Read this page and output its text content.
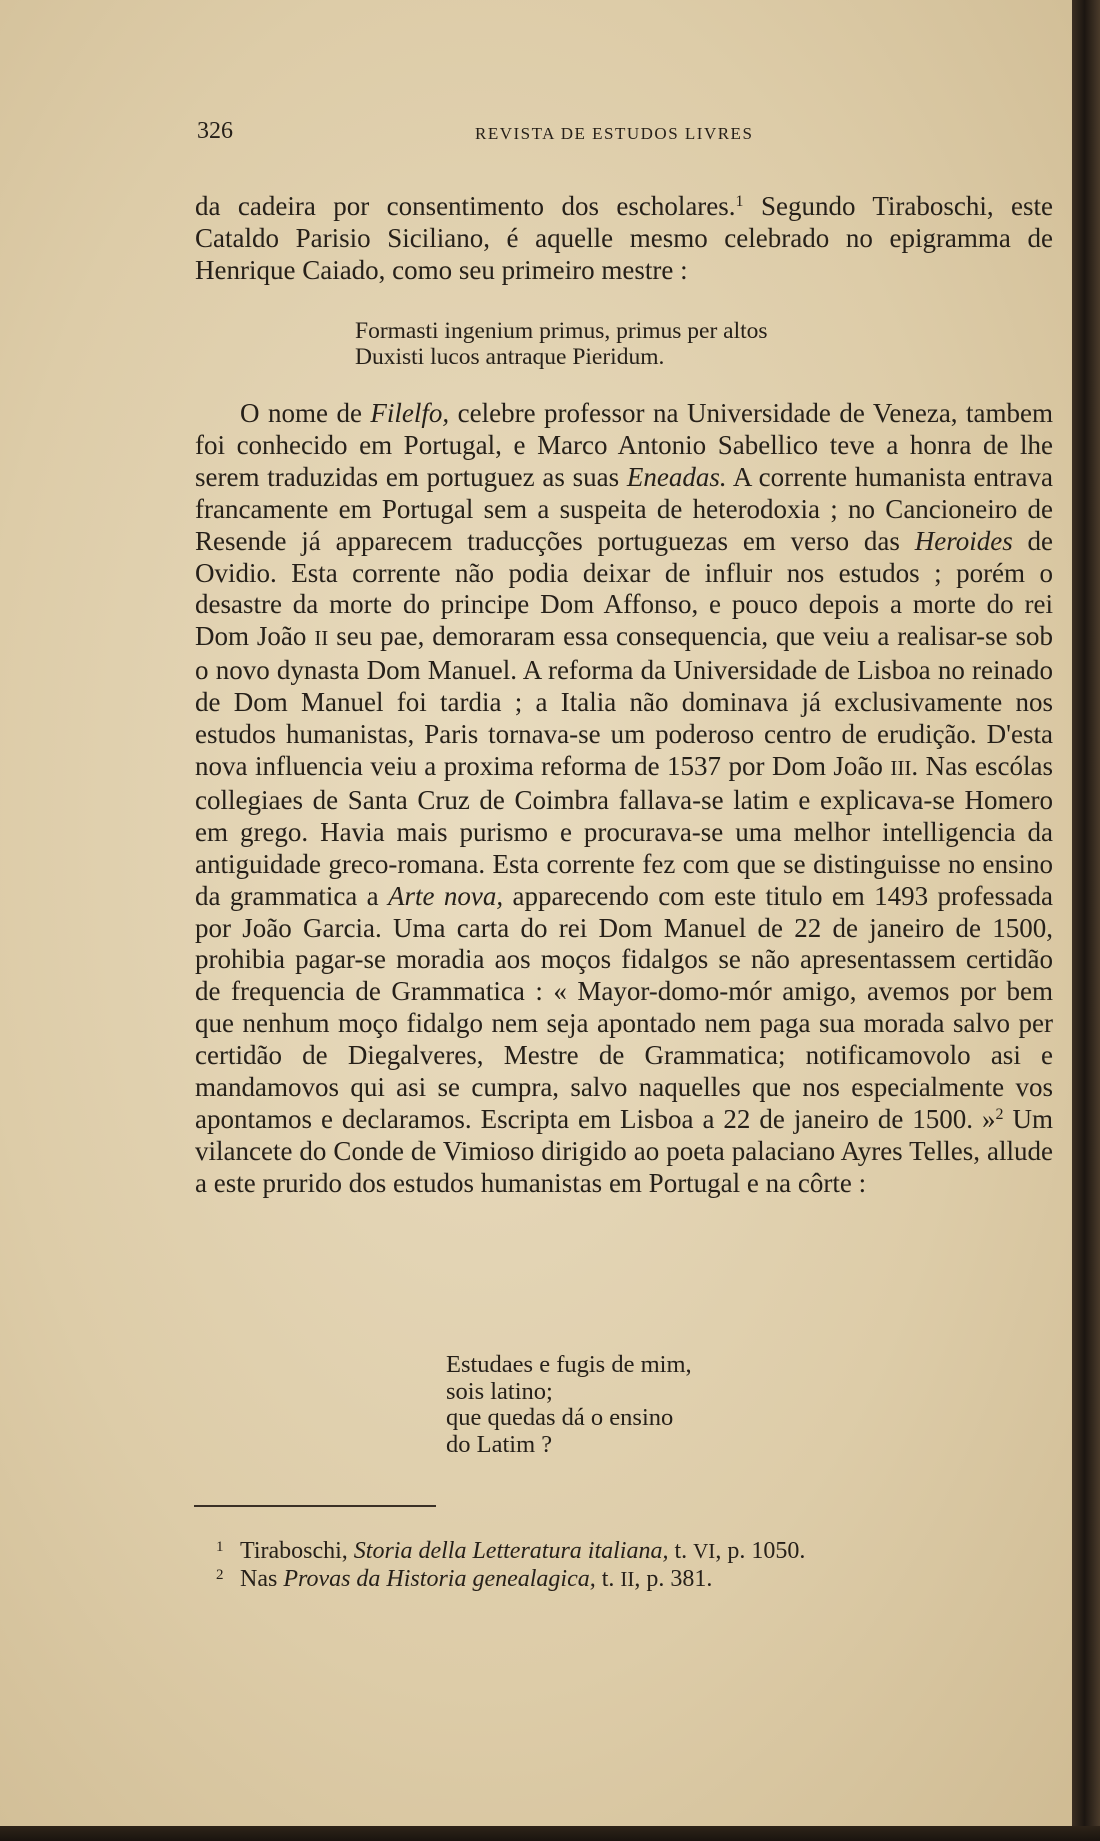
326	REVISTA DE ESTUDOS LIVRES

da cadeira por consentimento dos escholares.$^1$ Segundo Tiraboschi, este Cataldo Parisio Siciliano, é aquelle mesmo celebrado no epigramma de Henrique Caiado, como seu primeiro mestre :

Formasti ingenium primus, primus per altos
Duxisti lucos antraque Pieridum.

O nome de Filelfo, celebre professor na Universidade de Veneza, tambem foi conhecido em Portugal, e Marco Antonio Sabellico teve a honra de lhe serem traduzidas em portuguez as suas Eneadas. A corrente humanista entrava francamente em Portugal sem a suspeita de heterodoxia ; no Cancioneiro de Resende já apparecem traducções portuguezas em verso das Heroides de Ovidio. Esta corrente não podia deixar de influir nos estudos ; porém o desastre da morte do principe Dom Affonso, e pouco depois a morte do rei Dom João II seu pae, demoraram essa consequencia, que veiu a realisar-se sob o novo dynasta Dom Manuel. A reforma da Universidade de Lisboa no reinado de Dom Manuel foi tardia ; a Italia não dominava já exclusivamente nos estudos humanistas, Paris tornava-se um poderoso centro de erudição. D'esta nova influencia veiu a proxima reforma de 1537 por Dom João III. Nas escólas collegiaes de Santa Cruz de Coimbra fallava-se latim e explicava-se Homero em grego. Havia mais purismo e procurava-se uma melhor intelligencia da antiguidade greco-romana. Esta corrente fez com que se distinguisse no ensino da grammatica a Arte nova, apparecendo com este titulo em 1493 professada por João Garcia. Uma carta do rei Dom Manuel de 22 de janeiro de 1500, prohibia pagar-se moradia aos moços fidalgos se não apresentassem certidão de frequencia de Grammatica : « Mayor-domo-mór amigo, avemos por bem que nenhum moço fidalgo nem seja apontado nem paga sua morada salvo per certidão de Diegalveres, Mestre de Grammatica; notificamovolo asi e mandamovos qui asi se cumpra, salvo naquelles que nos especialmente vos apontamos e declaramos. Escripta em Lisboa a 22 de janeiro de 1500. »$^2$ Um vilancete do Conde de Vimioso dirigido ao poeta palaciano Ayres Telles, allude a este prurido dos estudos humanistas em Portugal e na côrte :

Estudaes e fugis de mim,
sois latino;
que quedas dá o ensino
do Latim ?
1 Tiraboschi, Storia della Letteratura italiana, t. VI, p. 1050.
2 Nas Provas da Historia genealagica, t. II, p. 381.
